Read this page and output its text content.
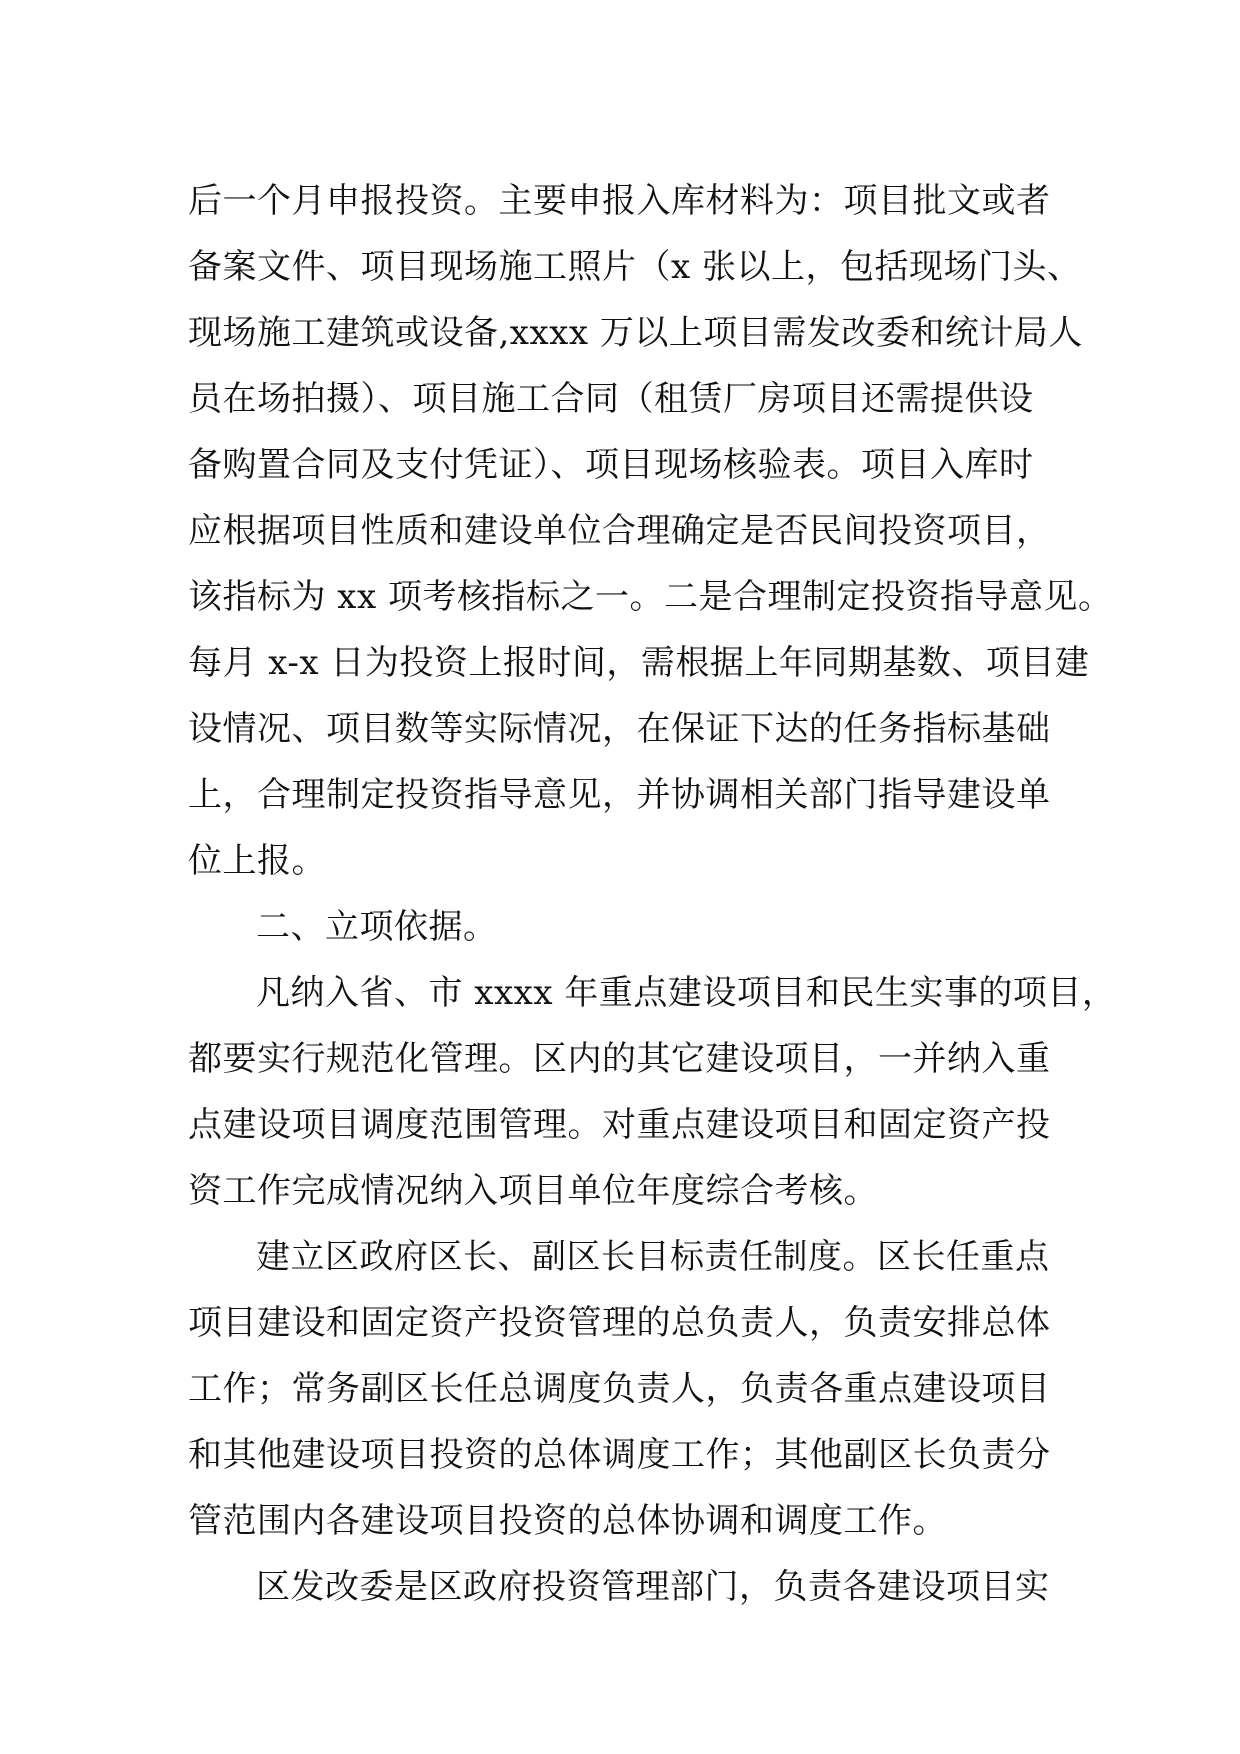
后一个月申报投资。主要申报入库材料为：项目批文或者
备案文件、项目现场施工照片（x 张以上，包括现场门头、
现场施工建筑或设备,xxxx 万以上项目需发改委和统计局人
员在场拍摄）、项目施工合同（租赁厂房项目还需提供设
备购置合同及支付凭证）、项目现场核验表。项目入库时
应根据项目性质和建设单位合理确定是否民间投资项目，
该指标为 xx 项考核指标之一。二是合理制定投资指导意见。
每月 x-x 日为投资上报时间，需根据上年同期基数、项目建
设情况、项目数等实际情况，在保证下达的任务指标基础
上，合理制定投资指导意见，并协调相关部门指导建设单
位上报。
二、立项依据。
凡纳入省、市 xxxx 年重点建设项目和民生实事的项目，
都要实行规范化管理。区内的其它建设项目，一并纳入重
点建设项目调度范围管理。对重点建设项目和固定资产投
资工作完成情况纳入项目单位年度综合考核。
建立区政府区长、副区长目标责任制度。区长任重点
项目建设和固定资产投资管理的总负责人，负责安排总体
工作；常务副区长任总调度负责人，负责各重点建设项目
和其他建设项目投资的总体调度工作；其他副区长负责分
管范围内各建设项目投资的总体协调和调度工作。
区发改委是区政府投资管理部门，负责各建设项目实
